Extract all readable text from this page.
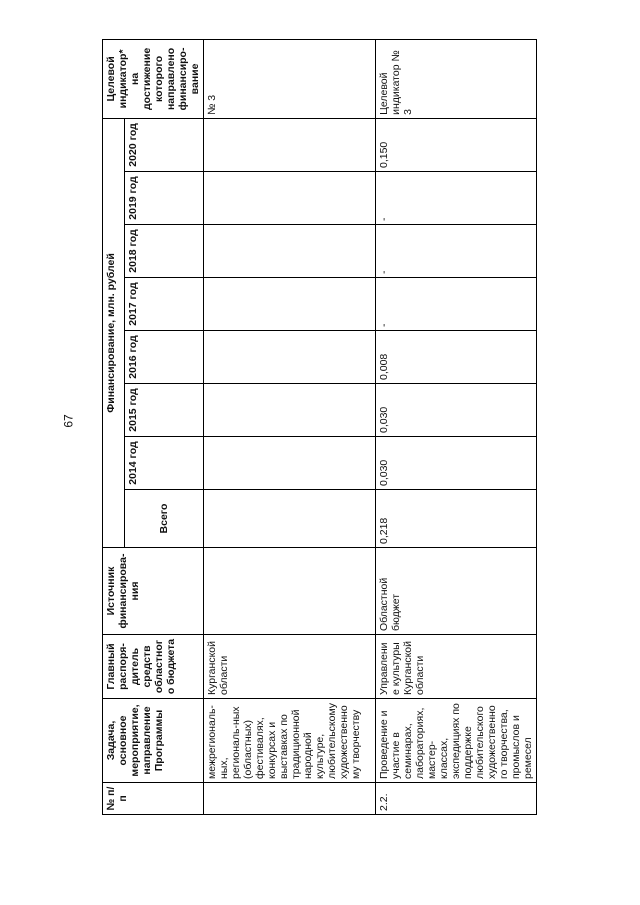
67
№ п/п	Задача, основное мероприятие, направление Программы	Главный распоря-дитель средств областного бюджета	Источник финансирова-ния	Финансирование, млн. рублей								Целевой индикатор* на достижение которого направлено финансиро-вание
				Всего	2014 год	2015 год	2016 год	2017 год	2018 год	2019 год	2020 год	
	межрегиональ-ных, региональ-ных (областных) фестивалях, конкурсах и выставках по традиционной народной культуре, любительскому художественному творчеству	Курганской области										№ 3
2.2.	Проведение и участие в семинарах, лабораториях, мастер-классах, экспедициях по поддержке любительского художественного творчества, промыслов и ремесел	Управление культуры Курганской области	Областной бюджет	0,218	0,030	0,030	0,008	-	-	-	0,150	Целевой индикатор № 3
